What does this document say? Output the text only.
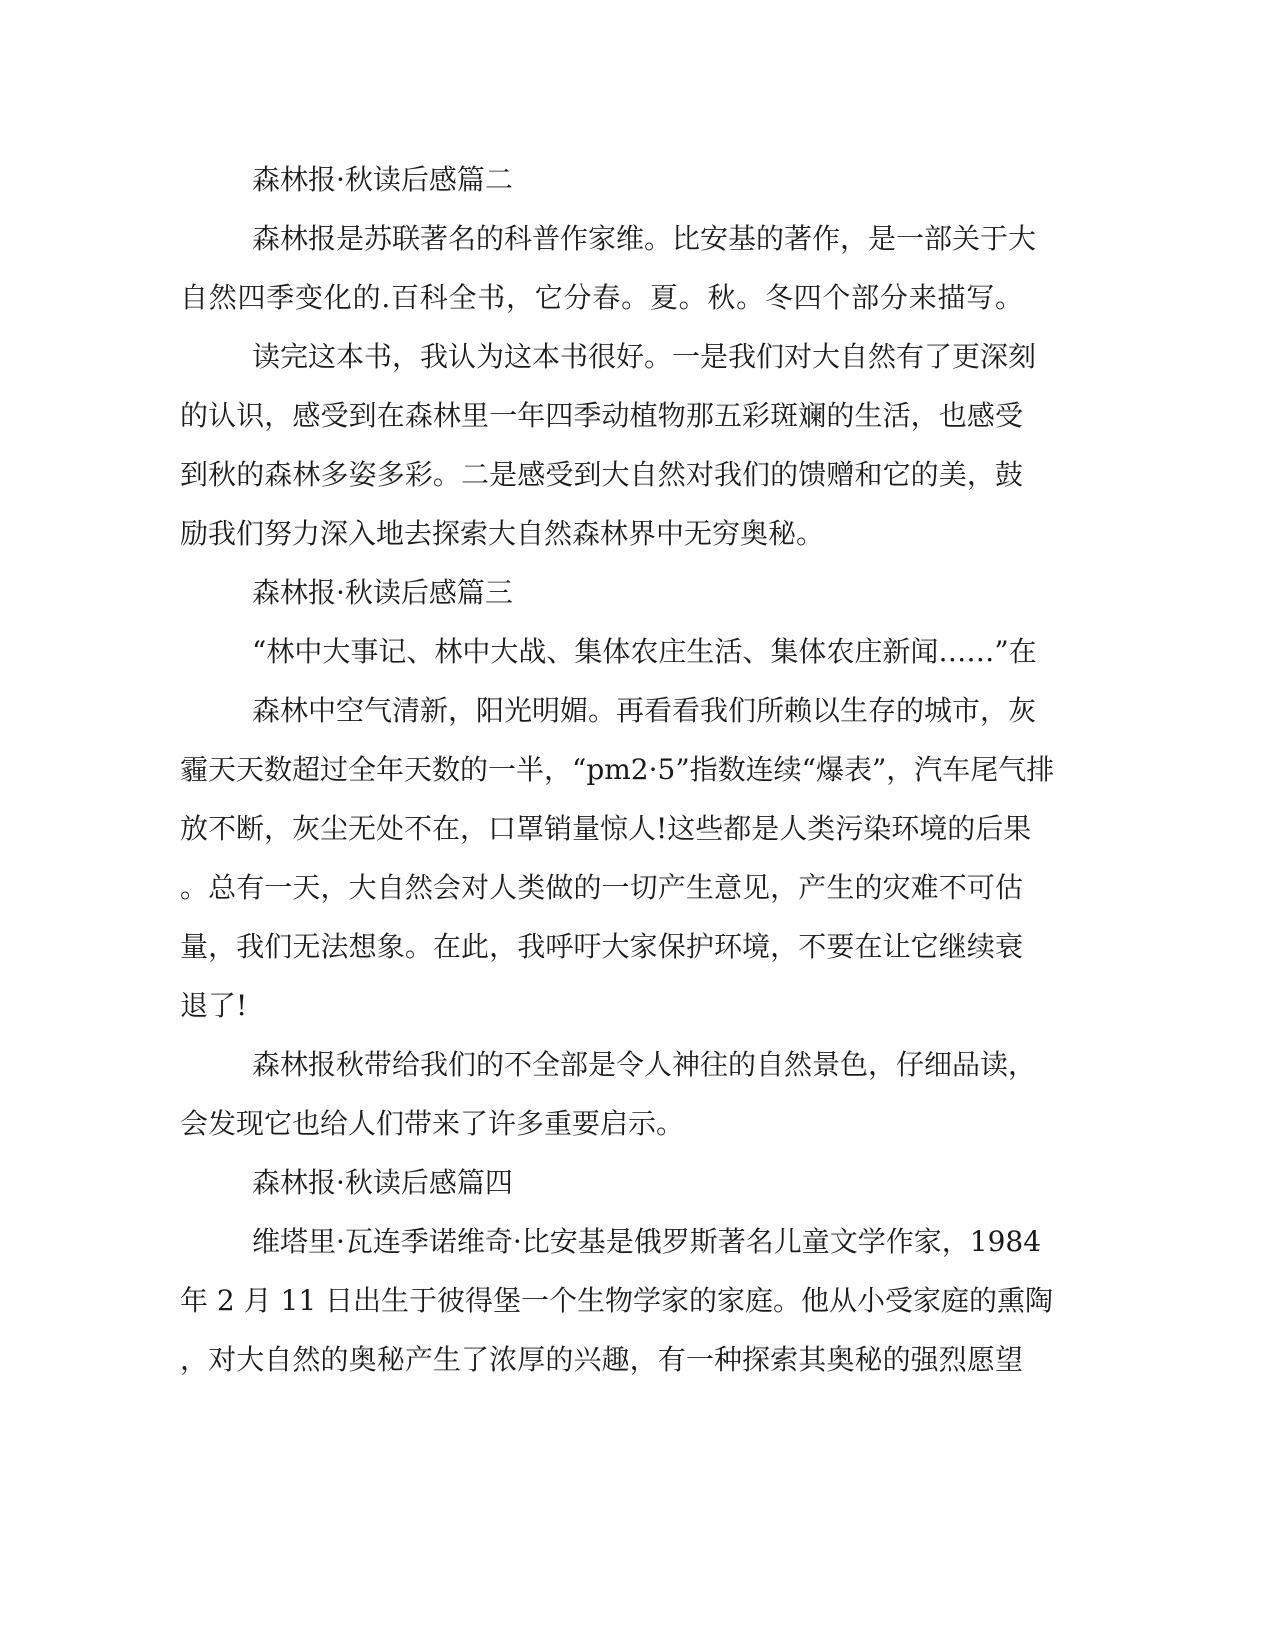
森林报·秋读后感篇二
森林报是苏联著名的科普作家维。比安基的著作，是一部关于大
自然四季变化的.百科全书，它分春。夏。秋。冬四个部分来描写。
读完这本书，我认为这本书很好。一是我们对大自然有了更深刻
的认识，感受到在森林里一年四季动植物那五彩斑斓的生活，也感受
到秋的森林多姿多彩。二是感受到大自然对我们的馈赠和它的美，鼓
励我们努力深入地去探索大自然森林界中无穷奥秘。
森林报·秋读后感篇三
“林中大事记、林中大战、集体农庄生活、集体农庄新闻……”在
森林中空气清新，阳光明媚。再看看我们所赖以生存的城市，灰
霾天天数超过全年天数的一半，“pm2·5”指数连续“爆表”，汽车尾气排
放不断，灰尘无处不在，口罩销量惊人!这些都是人类污染环境的后果
。总有一天，大自然会对人类做的一切产生意见，产生的灾难不可估
量，我们无法想象。在此，我呼吁大家保护环境，不要在让它继续衰
退了!
森林报秋带给我们的不全部是令人神往的自然景色，仔细品读，
会发现它也给人们带来了许多重要启示。
森林报·秋读后感篇四
维塔里·瓦连季诺维奇·比安基是俄罗斯著名儿童文学作家，1984
年 2 月 11 日出生于彼得堡一个生物学家的家庭。他从小受家庭的熏陶
，对大自然的奥秘产生了浓厚的兴趣，有一种探索其奥秘的强烈愿望
